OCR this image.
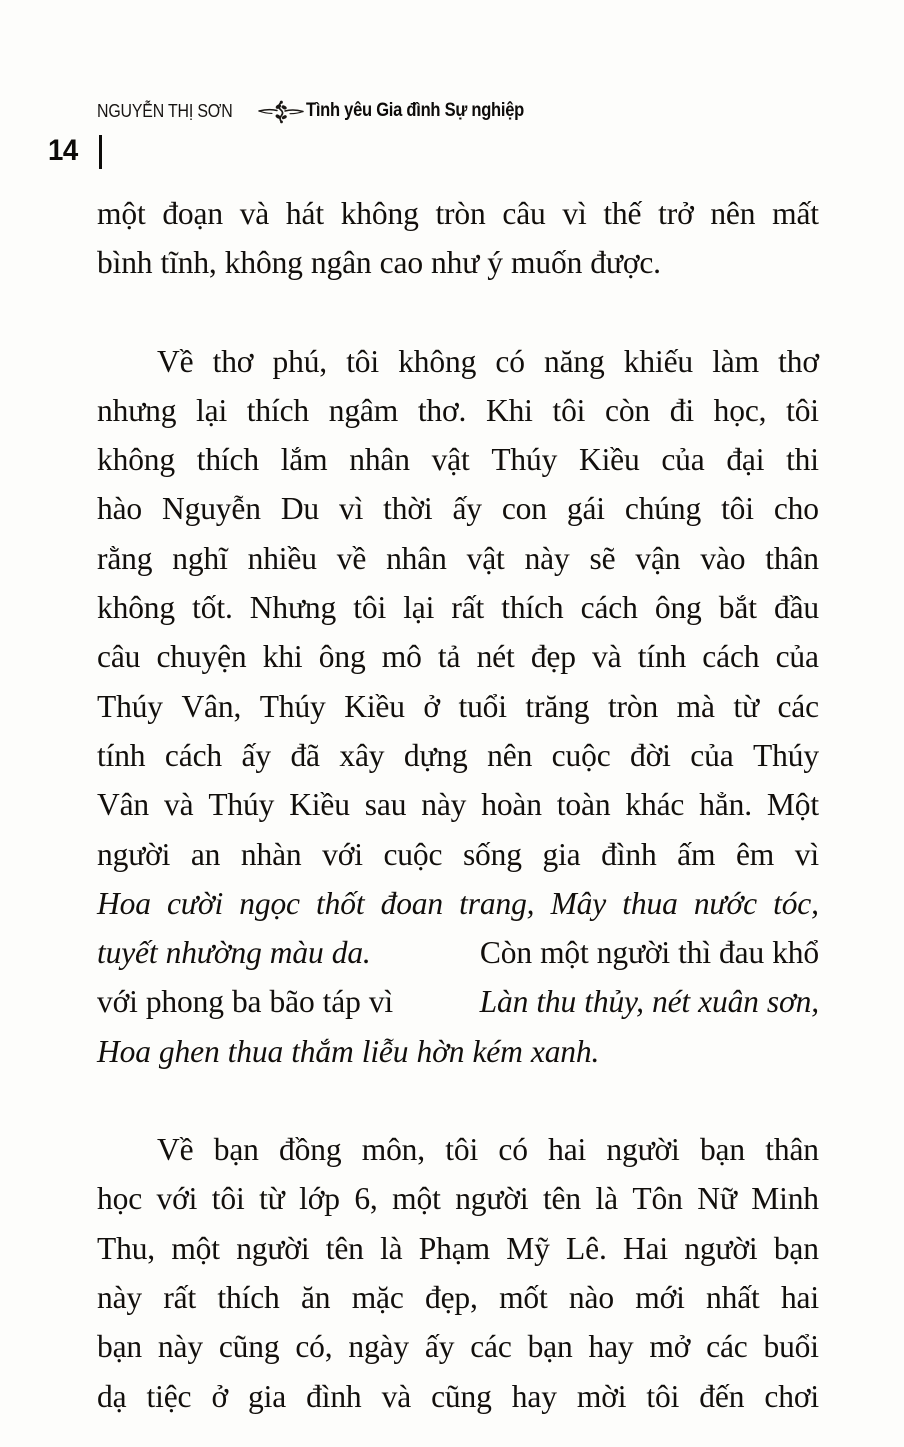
NGUYỄN THỊ SƠN	Tình yêu Gia đình Sự nghiệp
14

một đoạn và hát không tròn câu vì thế trở nên mất
bình tĩnh, không ngân cao như ý muốn được.

Về thơ phú, tôi không có năng khiếu làm thơ
nhưng lại thích ngâm thơ. Khi tôi còn đi học, tôi
không thích lắm nhân vật Thúy Kiều của đại thi
hào Nguyễn Du vì thời ấy con gái chúng tôi cho
rằng nghĩ nhiều về nhân vật này sẽ vận vào thân
không tốt. Nhưng tôi lại rất thích cách ông bắt đầu
câu chuyện khi ông mô tả nét đẹp và tính cách của
Thúy Vân, Thúy Kiều ở tuổi trăng tròn mà từ các
tính cách ấy đã xây dựng nên cuộc đời của Thúy
Vân và Thúy Kiều sau này hoàn toàn khác hẳn. Một
người an nhàn với cuộc sống gia đình ấm êm vì
Hoa cười ngọc thốt đoan trang, Mây thua nước tóc,
tuyết nhường màu da.	Còn một người thì đau khổ
với phong ba bão táp vì Làn thu thủy, nét xuân sơn,
Hoa ghen thua thắm liễu hờn kém xanh.

Về bạn đồng môn, tôi có hai người bạn thân
học với tôi từ lớp 6, một người tên là Tôn Nữ Minh
Thu, một người tên là Phạm Mỹ Lê. Hai người bạn
này rất thích ăn mặc đẹp, mốt nào mới nhất hai
bạn này cũng có, ngày ấy các bạn hay mở các buổi
dạ tiệc ở gia đình và cũng hay mời tôi đến chơi
